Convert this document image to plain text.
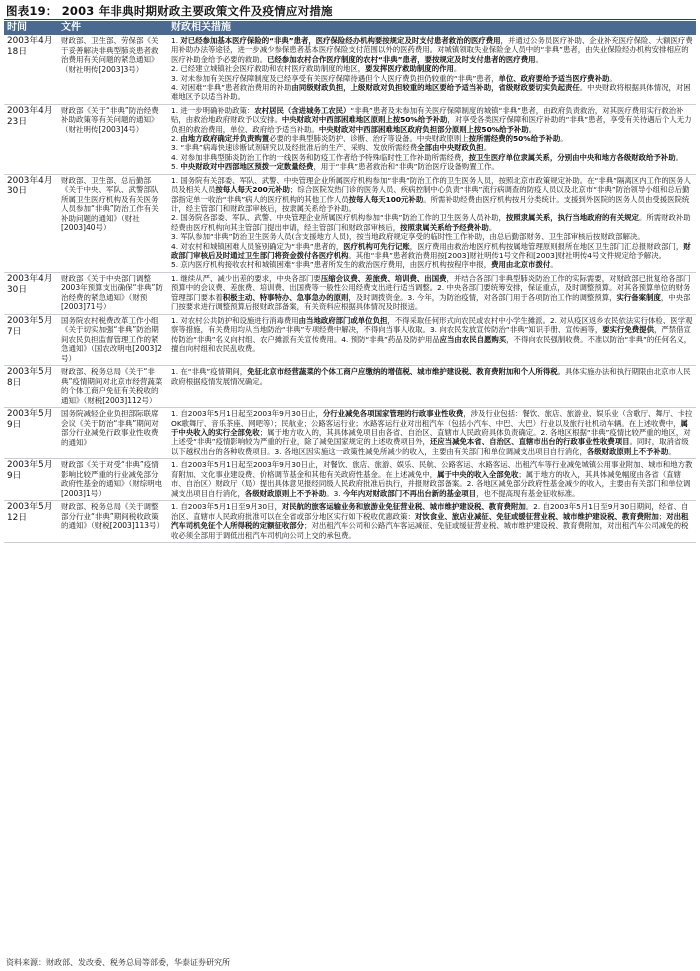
图表19： 2003 年非典时期财政主要政策文件及疫情应对措施
时间	文件	财政相关措施
2003年4月18日	财政部、卫生部、劳保部《关于妥善解决非典型肺炎患者救治费用有关问题的紧急通知》（财社明传[2003]3号）	1. 对已经参加基本医疗保险的“非典”患者，医疗保险经办机构要按规定及时支付患者救治的医疗费用，并通过公务员医疗补助、企业补充医疗保险、大额医疗费用补助办法等途径，进一步减少参保患者基本医疗保险支付范围以外的医药费用。对城镇领取失业保险金人员中的“非典”患者，由失业保险经办机构安排相应的医疗补助金给予必要的救助。已经参加农村合作医疗制度的农村“非典”患者，要按规定及时支付患者的医疗费用。
2. 已经建立城镇社会医疗救助和农村医疗救助制度的地区，要发挥医疗救助制度的作用。
3. 对未参加有关医疗保障制度及已经享受有关医疗保障待遇但个人医疗费负担仍较重的“非典”患者，单位、政府要给予适当医疗费补助。
4. 对困难“非典”患者救治费用的补助由同级财政负担，上级财政对负担较重的地区要给予适当补助，省级财政要切实负起责任。中央财政将根据具体情况，对困难地区予以适当补助。

2003年4月23日	财政部《关于“非典”防治经费补助政策等有关问题的通知》（财社明传[2003]4号）	1. 进一步明确补助政策：农村居民（含进城务工农民）“非典”患者及未参加有关医疗保障制度的城镇“非典”患者，由政府负责救治，对其医疗费用实行救治补贴，由救治地政府财政予以安排。中央财政对中西部困难地区原则上按50%给予补助，对享受各类医疗保障和医疗补助的“非典”患者，享受有关待遇后个人无力负担的救治费用，单位、政府给予适当补助。中央财政对中西部困难地区政府负担部分原则上按50%给予补助。
2. 由地方政府确定并负责购置必要的非典型肺炎防护、诊断、治疗等设备。中央财政原则上按所需经费的50%给予补助。
3. “非典”病毒快速诊断试剂研究以及经批准后的生产、采购、发放所需经费全部由中央财政负担。
4. 对参加非典型肺炎防治工作的一线医务和防疫工作者给予特殊临时性工作补助所需经费，按卫生医疗单位隶属关系，分别由中央和地方各级财政给予补助。
5. 中央财政对中西部地区预拨一定数量经费，用于“非典”患者救治和“非典”防治医疗设备购置工作。

2003年4月30日	财政部、卫生部、总后勤部《关于中央、军队、武警部队所属卫生医疗机构及有关医务人员参加“非典”防治工作有关补助问题的通知》（财社[2003]40号）	1. 国务院有关部委、军队、武警、中央管理企业所属医疗机构参加“非典”防治工作的卫生医务人员，按照北京市政策规定补助。在“非典”隔离区内工作的医务人员及相关人员按每人每天200元补助；综合医院发热门诊的医务人员、疾病控制中心负责“非典”流行病调查的防疫人员以及北京市“非典”防治领导小组和总后勤部指定单一收治“非典”病人的医疗机构的其他工作人员按每人每天100元补助。所需补助经费由医疗机构按月分类统计。支援到外医院的医务人员由受援医院统计，经主管部门和财政部审核后，按隶属关系给予补助。
2. 国务院各部委、军队、武警、中央管理企业所属医疗机构参加“非典”防治工作的卫生医务人员补助，按照隶属关系，执行当地政府的有关规定。所需财政补助经费由医疗机构向其主管部门提出申请，经主管部门和财政部审核后，按照隶属关系给予经费补助。
3. 军队参加“非典”防治卫生医务人员(含支援地方人员)，按当地政府规定享受的临时性工作补助，由总后勤部财务、卫生部审核后按财政部解决。
4. 对农村和城镇困难人员鉴别确定为“非典”患者的，医疗机构可先行记账，医疗费用由救治地医疗机构按属地管理原则报所在地区卫生部门汇总报财政部门，财政部门审核后及时通过卫生部门将资金拨付各医疗机构。其他“非典”患者救治费用按[2003]财社明传1号文件和[2003]财社明传4号文件规定给予解决。
5. 京内医疗机构接收农村和城镇困难“非典”患者所发生的救治医疗费用，由医疗机构按程序申报，费用由北京市拨付。

2003年4月30日	财政部《关于中央部门调整2003年预算支出确保“非典”防治经费的紧急通知》（财预[2003]71号）	1. 继续从严、减少出差的要求，中央各部门要压缩会议费、差旅费、培训费、出国费，并结合各部门非典型肺炎防治工作的实际需要，对财政部已批复给各部门预算中的会议费、差旅费、培训费、出国费等一般性公用经费支出进行适当调整。2. 中央各部门要统筹安排，保证重点，及时调整预算。对其各预算单位的财务管理部门要本着积极主动、特事特办、急事急办的原则，及时调拨资金。3. 今年，为防治疫情，对各部门用于各项防治工作的调整预算，实行备案制度，中央部门按要求进行调整预算后报财政部备案，有关资料应根据具体情况及时报送。

2003年5月7日	国务院农村税费改革工作小组《关于切实加强“非典”防治期间农民负担监督管理工作的紧急通知》（国农改明电[2003]2号）	1. 对农村公共防护和设施进行消毒费用由当地政府部门或单位负担，不得采取任何形式向农民或农村中小学生摊派。2. 对从疫区返乡农民依法实行体检、医学观察等措施，有关费用均从当地防治“非典”专项经费中解决，不得向当事人收取。3. 向农民发放宣传防治“非典”知识手册、宣传画等，要实行免费提供，严禁借宣传防治“非典”名义向村组、农户摊派有关宣传费用。4. 预防“非典”药品及防护用品应当由农民自愿购买，不得向农民强制收费。不准以防治“非典”的任何名义，擅自向村组和农民乱收费。

2003年5月8日	财政部、税务总局《关于“非典”疫情期间对北京市经营蔬菜的个体工商户免征有关税收的通知》（财税[2003]112号）	1. 在“非典”疫情期间，免征北京市经营蔬菜的个体工商户应缴纳的增值税、城市维护建设税、教育费附加和个人所得税。具体实施办法和执行期限由北京市人民政府根据疫情发展情况确定。

2003年5月9日	国务院减轻企业负担部际联席会议《关于防治“非典”期间对部分行业减免行政事业性收费的通知》	1. 自2003年5月1日起至2003年9月30日止，分行业减免各项国家管理的行政事业性收费，涉及行业包括：餐饮、旅店、旅游业、娱乐业（含歌厅、舞厅、卡拉OK歌舞厅、音乐茶座、网吧等）；民航业；公路客运行业；水路客运行业对出租汽车（包括小汽车、中巴、大巴）行业以及旅行社机动车辆。在上述收费中，属于中央收入的实行全部免收；属于地方收入的，其具体减免项目由各省、自治区、直辖市人民政府具体负责确定。2. 各地区根据“非典”疫情比较严重的地区，对上述受“非典”疫情影响较为严重的行业，除了减免国家规定的上述收费项目外，还应当减免本省、自治区、直辖市出台的行政事业性收费项目。同时，取消省级以下越权出台的各种收费项目。3. 各地区因实施这一政策性减免所减少的收入，主要由有关部门和单位调减支出项目自行消化，各级财政原则上不予补助。

2003年5月9日	财政部《关于对受“非典”疫情影响比较严重的行业减免部分政府性基金的通知》（财综明电[2003]1号）	1. 自2003年5月1日起至2003年9月30日止，对餐饮、旅店、旅游、娱乐、民航、公路客运、水路客运、出租汽车等行业减免城镇公用事业附加、城市和地方教育附加、文化事业建设费、价格调节基金和其他有关政府性基金。在上述减免中，属于中央的收入全部免收；属于地方的收入，其具体减免幅度由各省（直辖市、自治区）财政厅（局）提出具体意见报经同级人民政府批准后执行，并报财政部备案。2. 各地区减免部分政府性基金减少的收入，主要由有关部门和单位调减支出项目自行消化，各级财政原则上不予补助。3. 今年内对财政部门不再出台新的基金项目，也不提高现有基金征收标准。

2003年5月12日	财政部、税务总局《关于调整部分行业“非典”期间税收政策的通知》（财税[2003]113号）	1. 自2003年5月1日至9月30日，对民航的旅客运输业务和旅游业免征营业税、城市维护建设税、教育费附加。2. 自2003年5月1日至9月30日期间，经省、自治区、直辖市人民政府批准可以在全省或部分地区实行如下税收优惠政策：对饮食业、旅店业减征、免征或缓征营业税、城市维护建设税、教育费附加；对出租汽车司机免征个人所得税的定额征收部分；对出租汽车公司和公路汽车客运减征、免征或缓征营业税、城市维护建设税、教育费附加，对出租汽车公司减免的税收必须全部用于调低出租汽车司机向公司上交的承包费。
资料来源：财政部、发改委、税务总局等部委，华泰证券研究所
